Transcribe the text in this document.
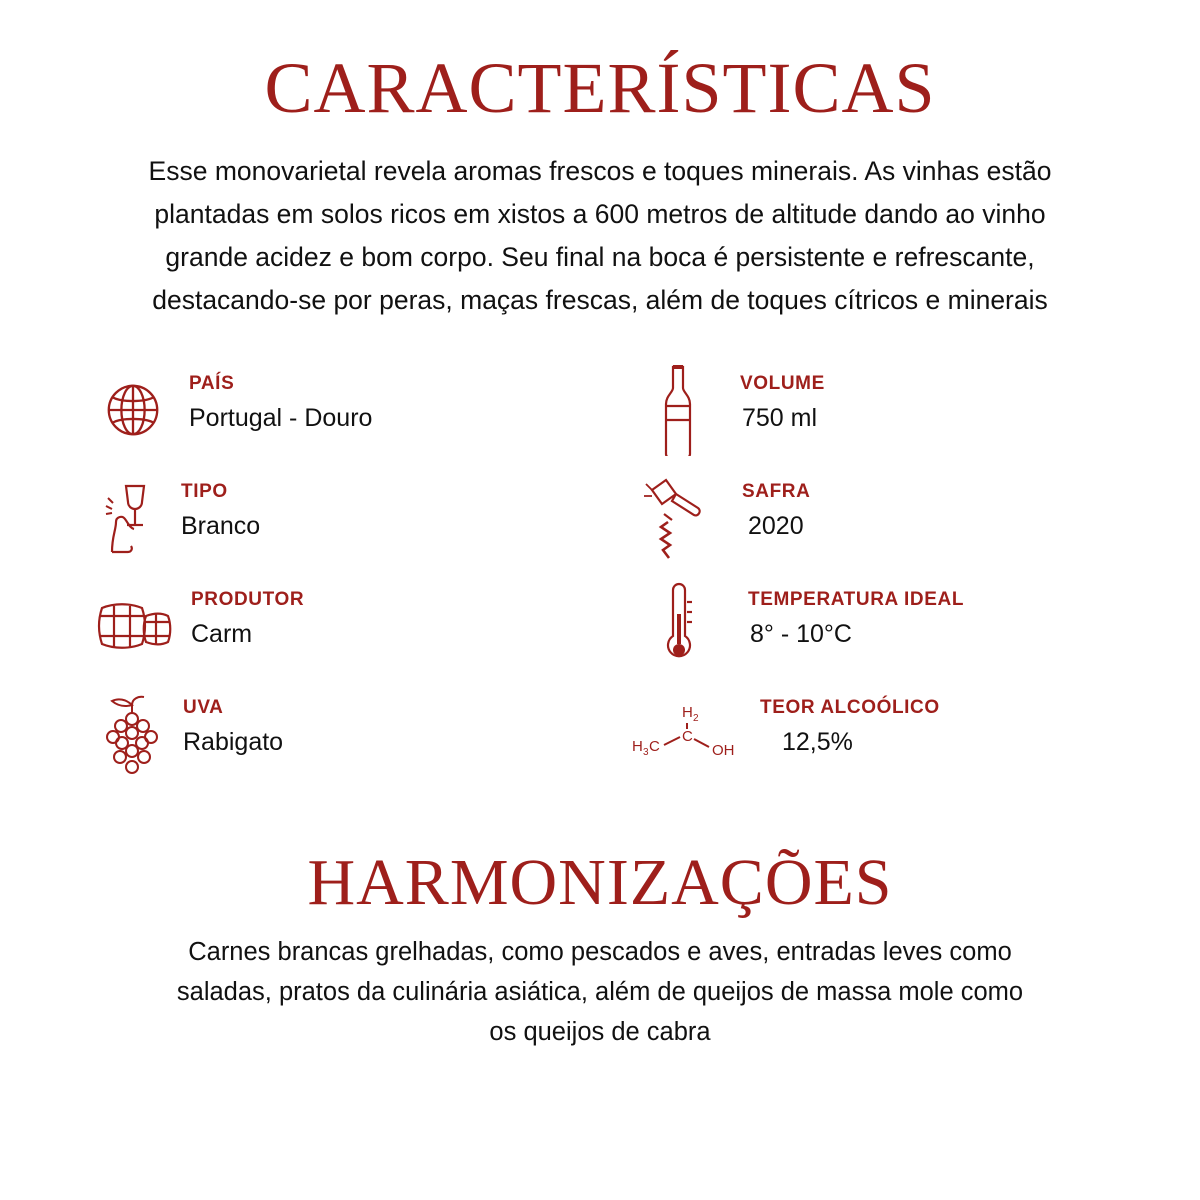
CARACTERÍSTICAS

Esse monovarietal revela aromas frescos e toques minerais. As vinhas estão plantadas em solos ricos em xistos a 600 metros de altitude dando ao vinho grande acidez e bom corpo. Seu final na boca é persistente e refrescante, destacando-se por peras, maças frescas, além de toques cítricos e minerais

PAÍS
Portugal - Douro
VOLUME
750 ml
TIPO
Branco
SAFRA
2020
PRODUTOR
Carm
TEMPERATURA IDEAL
8° - 10°C
UVA
Rabigato	H 3 C
H 2
C
OH
TEOR ALCOÓLICO
12,5%
HARMONIZAÇÕES

Carnes brancas grelhadas, como pescados e aves, entradas leves como saladas, pratos da culinária asiática, além de queijos de massa mole como os queijos de cabra
